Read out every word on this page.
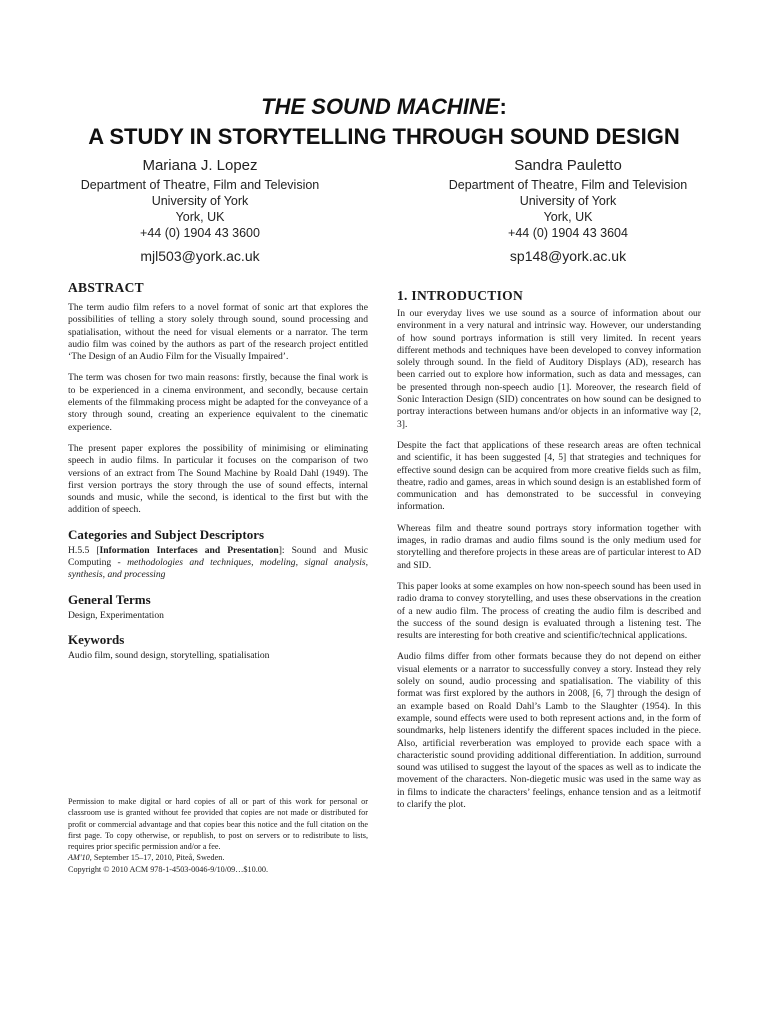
THE SOUND MACHINE:
A STUDY IN STORYTELLING THROUGH SOUND DESIGN
Mariana J. Lopez
Department of Theatre, Film and Television
University of York
York, UK
+44 (0) 1904 43 3600
mjl503@york.ac.uk
Sandra Pauletto
Department of Theatre, Film and Television
University of York
York, UK
+44 (0) 1904 43 3604
sp148@york.ac.uk
ABSTRACT

The term audio film refers to a novel format of sonic art that explores the possibilities of telling a story solely through sound, sound processing and spatialisation, without the need for visual elements or a narrator. The term audio film was coined by the authors as part of the research project entitled ‘The Design of an Audio Film for the Visually Impaired’.

The term was chosen for two main reasons: firstly, because the final work is to be experienced in a cinema environment, and secondly, because certain elements of the filmmaking process might be adapted for the conveyance of a story through sound, creating an experience equivalent to the cinematic experience.

The present paper explores the possibility of minimising or eliminating speech in audio films. In particular it focuses on the comparison of two versions of an extract from The Sound Machine by Roald Dahl (1949). The first version portrays the story through the use of sound effects, internal sounds and music, while the second, is identical to the first but with the addition of speech.

Categories and Subject Descriptors

H.5.5 [Information Interfaces and Presentation]: Sound and Music Computing - methodologies and techniques, modeling, signal analysis, synthesis, and processing

General Terms

Design, Experimentation

Keywords

Audio film, sound design, storytelling, spatialisation

Permission to make digital or hard copies of all or part of this work for personal or classroom use is granted without fee provided that copies are not made or distributed for profit or commercial advantage and that copies bear this notice and the full citation on the first page. To copy otherwise, or republish, to post on servers or to redistribute to lists, requires prior specific permission and/or a fee.
AM'10, September 15–17, 2010, Piteå, Sweden.
Copyright © 2010 ACM 978-1-4503-0046-9/10/09…$10.00.
1. INTRODUCTION

In our everyday lives we use sound as a source of information about our environment in a very natural and intrinsic way. However, our understanding of how sound portrays information is still very limited. In recent years different methods and techniques have been developed to convey information solely through sound. In the field of Auditory Displays (AD), research has been carried out to explore how information, such as data and messages, can be presented through non-speech audio [1]. Moreover, the research field of Sonic Interaction Design (SID) concentrates on how sound can be designed to portray interactions between humans and/or objects in an informative way [2, 3].

Despite the fact that applications of these research areas are often technical and scientific, it has been suggested [4, 5] that strategies and techniques for effective sound design can be acquired from more creative fields such as film, theatre, radio and games, areas in which sound design is an established form of communication and has demonstrated to be successful in conveying information.

Whereas film and theatre sound portrays story information together with images, in radio dramas and audio films sound is the only medium used for storytelling and therefore projects in these areas are of particular interest to AD and SID.

This paper looks at some examples on how non-speech sound has been used in radio drama to convey storytelling, and uses these observations in the creation of a new audio film. The process of creating the audio film is described and the success of the sound design is evaluated through a listening test. The results are interesting for both creative and scientific/technical applications.

Audio films differ from other formats because they do not depend on either visual elements or a narrator to successfully convey a story. Instead they rely solely on sound, audio processing and spatialisation. The viability of this format was first explored by the authors in 2008, [6, 7] through the design of an example based on Roald Dahl’s Lamb to the Slaughter (1954). In this example, sound effects were used to both represent actions and, in the form of soundmarks, help listeners identify the different spaces included in the piece. Also, artificial reverberation was employed to provide each space with a characteristic sound providing additional differentiation. In addition, surround sound was utilised to suggest the layout of the spaces as well as to indicate the movement of the characters. Non-diegetic music was used in the same way as in films to indicate the characters’ feelings, enhance tension and as a leitmotif to clarify the plot.
